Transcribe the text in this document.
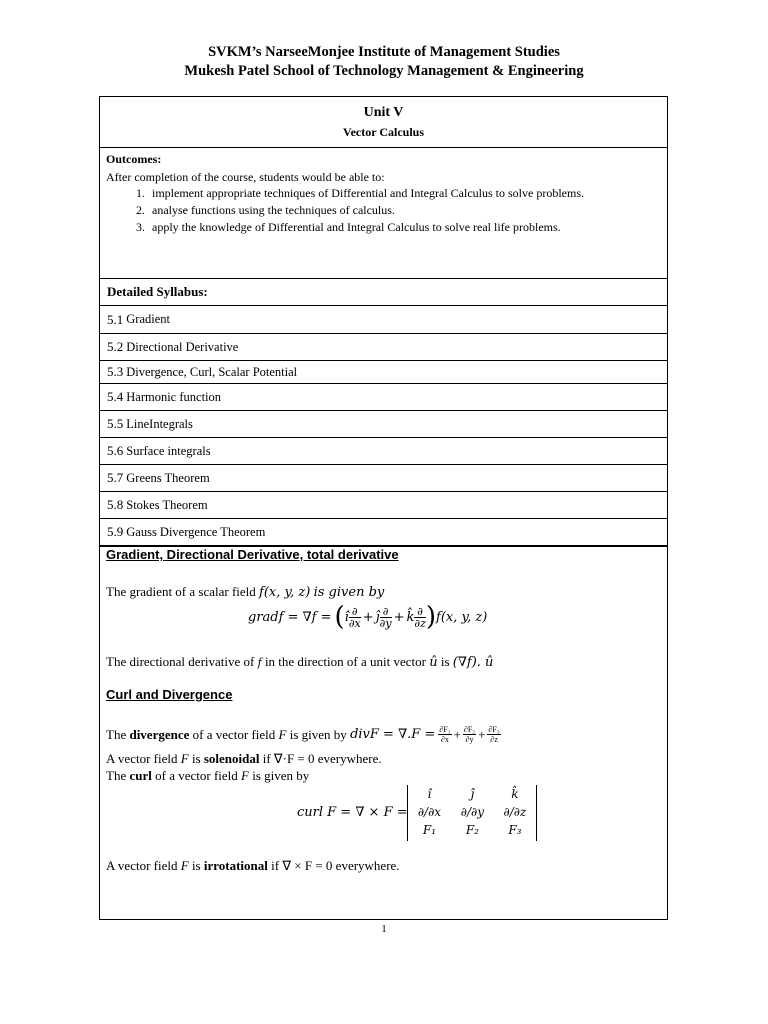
SVKM’s NarseeMonjee Institute of Management Studies
Mukesh Patel School of Technology Management & Engineering
Unit V
Vector Calculus
Outcomes:
After completion of the course, students would be able to:
1. implement appropriate techniques of Differential and Integral Calculus to solve problems.
2. analyse functions using the techniques of calculus.
3. apply the knowledge of Differential and Integral Calculus to solve real life problems.
Detailed Syllabus:
5.1 Gradient
5.2 Directional Derivative
5.3 Divergence, Curl, Scalar Potential
5.4 Harmonic function
5.5 LineIntegrals
5.6 Surface integrals
5.7 Greens Theorem
5.8 Stokes Theorem
5.9 Gauss Divergence Theorem
Gradient, Directional Derivative, total derivative
The gradient of a scalar field f(x, y, z) is given by
gradf = ∇f = ( î $\frac{\partial}{\partial x}$ + ĵ $\frac{\partial}{\partial y}$ + k̂ $\frac{\partial}{\partial z}$ ) f(x, y, z)
The directional derivative of f in the direction of a unit vector û is (∇f). û
Curl and Divergence
The
divergence
of a vector field
F
is given by
divF = $\nabla.F = \frac{\text{∂F₁}}{\partial x} + \frac{\text{∂F₂}}{\partial y} + \frac{\text{∂F₃}}{\partial z}$
A vector field F is solenoidal if ∇·F = 0 everywhere.
The curl of a vector field F is given by
curl F = ∇ × F =
î	ĵ	k̂
∂/∂x	∂/∂y	∂/∂z
F₁	F₂	F₃
A vector field F is irrotational if ∇ × F = 0 everywhere.
1
